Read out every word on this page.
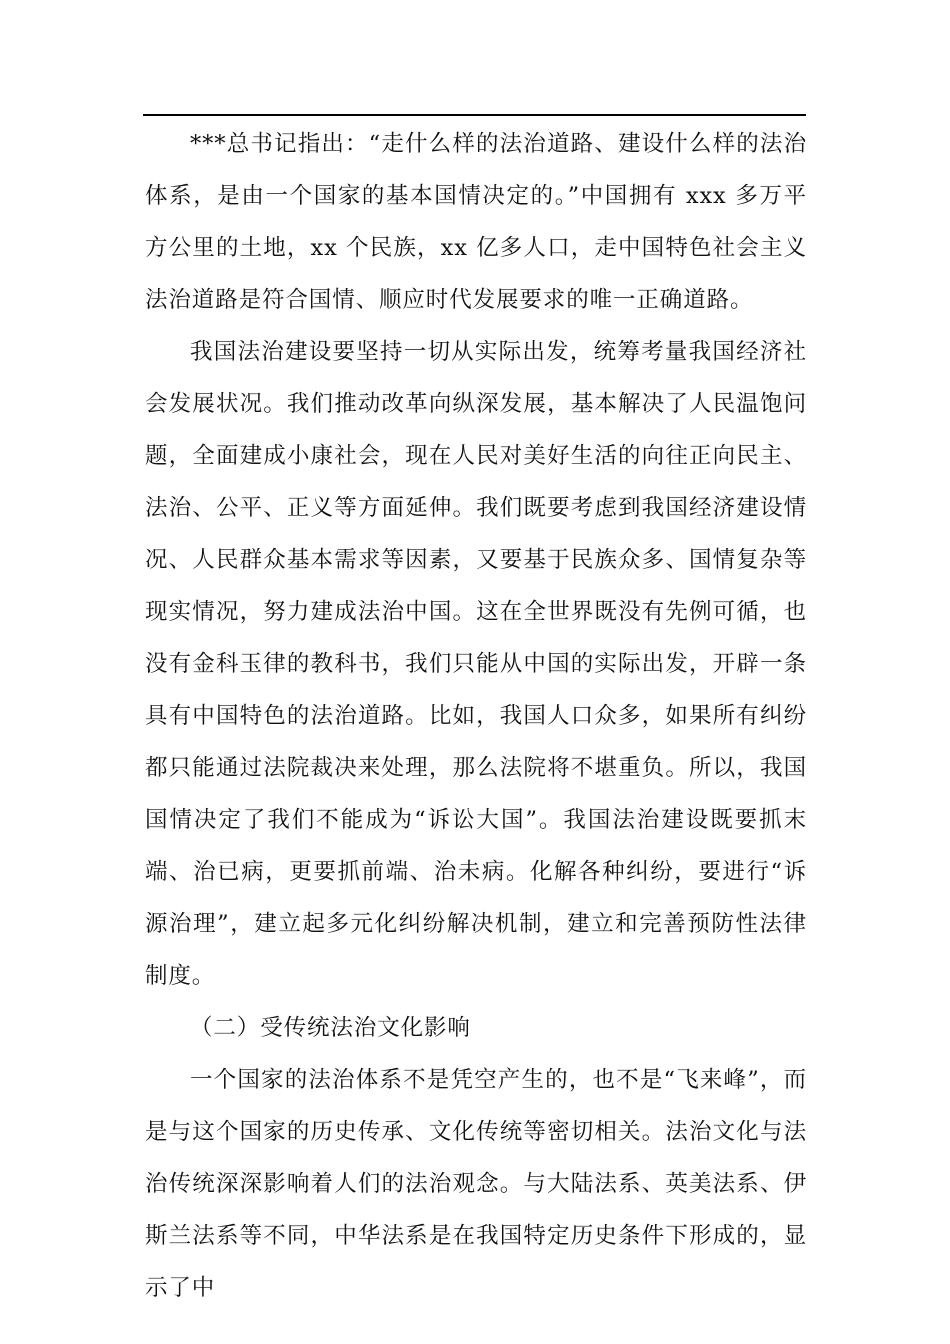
***总书记指出：“走什么样的法治道路、建设什么样的法治体系，是由一个国家的基本国情决定的。”中国拥有 xxx 多万平方公里的土地，xx 个民族，xx 亿多人口，走中国特色社会主义法治道路是符合国情、顺应时代发展要求的唯一正确道路。

我国法治建设要坚持一切从实际出发，统筹考量我国经济社会发展状况。我们推动改革向纵深发展，基本解决了人民温饱问题，全面建成小康社会，现在人民对美好生活的向往正向民主、法治、公平、正义等方面延伸。我们既要考虑到我国经济建设情况、人民群众基本需求等因素，又要基于民族众多、国情复杂等现实情况，努力建成法治中国。这在全世界既没有先例可循，也没有金科玉律的教科书，我们只能从中国的实际出发，开辟一条具有中国特色的法治道路。比如，我国人口众多，如果所有纠纷都只能通过法院裁决来处理，那么法院将不堪重负。所以，我国国情决定了我们不能成为“诉讼大国”。我国法治建设既要抓末端、治已病，更要抓前端、治未病。化解各种纠纷，要进行“诉源治理”，建立起多元化纠纷解决机制，建立和完善预防性法律制度。

（二）受传统法治文化影响

一个国家的法治体系不是凭空产生的，也不是“飞来峰”，而是与这个国家的历史传承、文化传统等密切相关。法治文化与法治传统深深影响着人们的法治观念。与大陆法系、英美法系、伊斯兰法系等不同，中华法系是在我国特定历史条件下形成的，显示了中
